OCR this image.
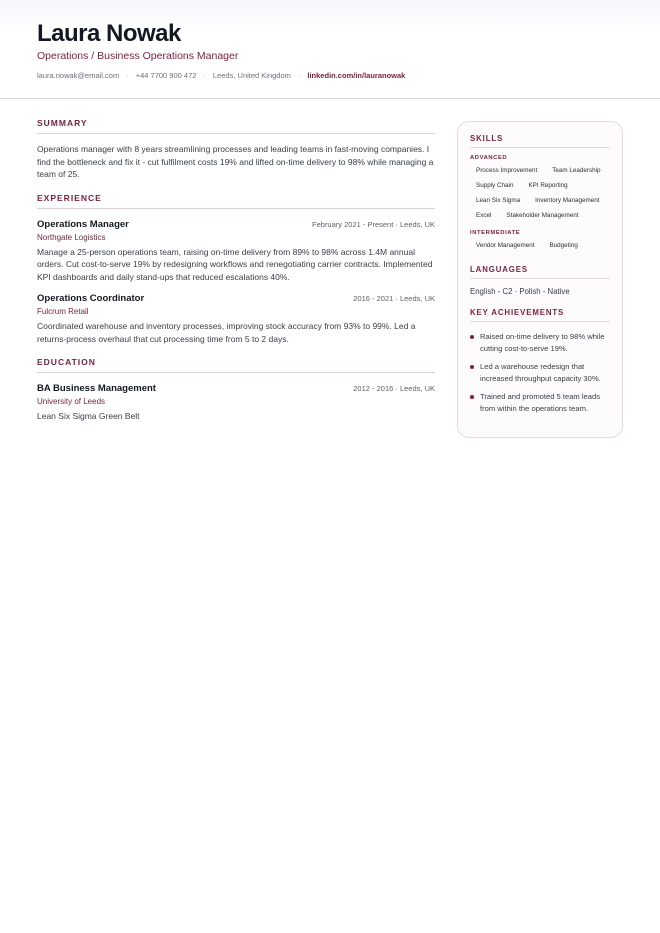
Laura Nowak
Operations / Business Operations Manager
laura.nowak@email.com · +44 7700 900 472 · Leeds, United Kingdom · linkedin.com/in/lauranowak
SUMMARY
Operations manager with 8 years streamlining processes and leading teams in fast-moving companies. I find the bottleneck and fix it - cut fulfilment costs 19% and lifted on-time delivery to 98% while managing a team of 25.
EXPERIENCE
Operations Manager	February 2021 - Present · Leeds, UK
Northgate Logistics
Manage a 25-person operations team, raising on-time delivery from 89% to 98% across 1.4M annual orders. Cut cost-to-serve 19% by redesigning workflows and renegotiating carrier contracts. Implemented KPI dashboards and daily stand-ups that reduced escalations 40%.
Operations Coordinator	2016 - 2021 · Leeds, UK
Fulcrum Retail
Coordinated warehouse and inventory processes, improving stock accuracy from 93% to 99%. Led a returns-process overhaul that cut processing time from 5 to 2 days.
EDUCATION
BA Business Management	2012 - 2016 · Leeds, UK
University of Leeds
Lean Six Sigma Green Belt
SKILLS
ADVANCED
Process Improvement	Team Leadership
Supply Chain	KPI Reporting
Lean Six Sigma	Inventory Management
Excel	Stakeholder Management
INTERMEDIATE
Vendor Management	Budgeting
LANGUAGES
English - C2 · Polish - Native
KEY ACHIEVEMENTS
Raised on-time delivery to 98% while cutting cost-to-serve 19%.
Led a warehouse redesign that increased throughput capacity 30%.
Trained and promoted 5 team leads from within the operations team.
